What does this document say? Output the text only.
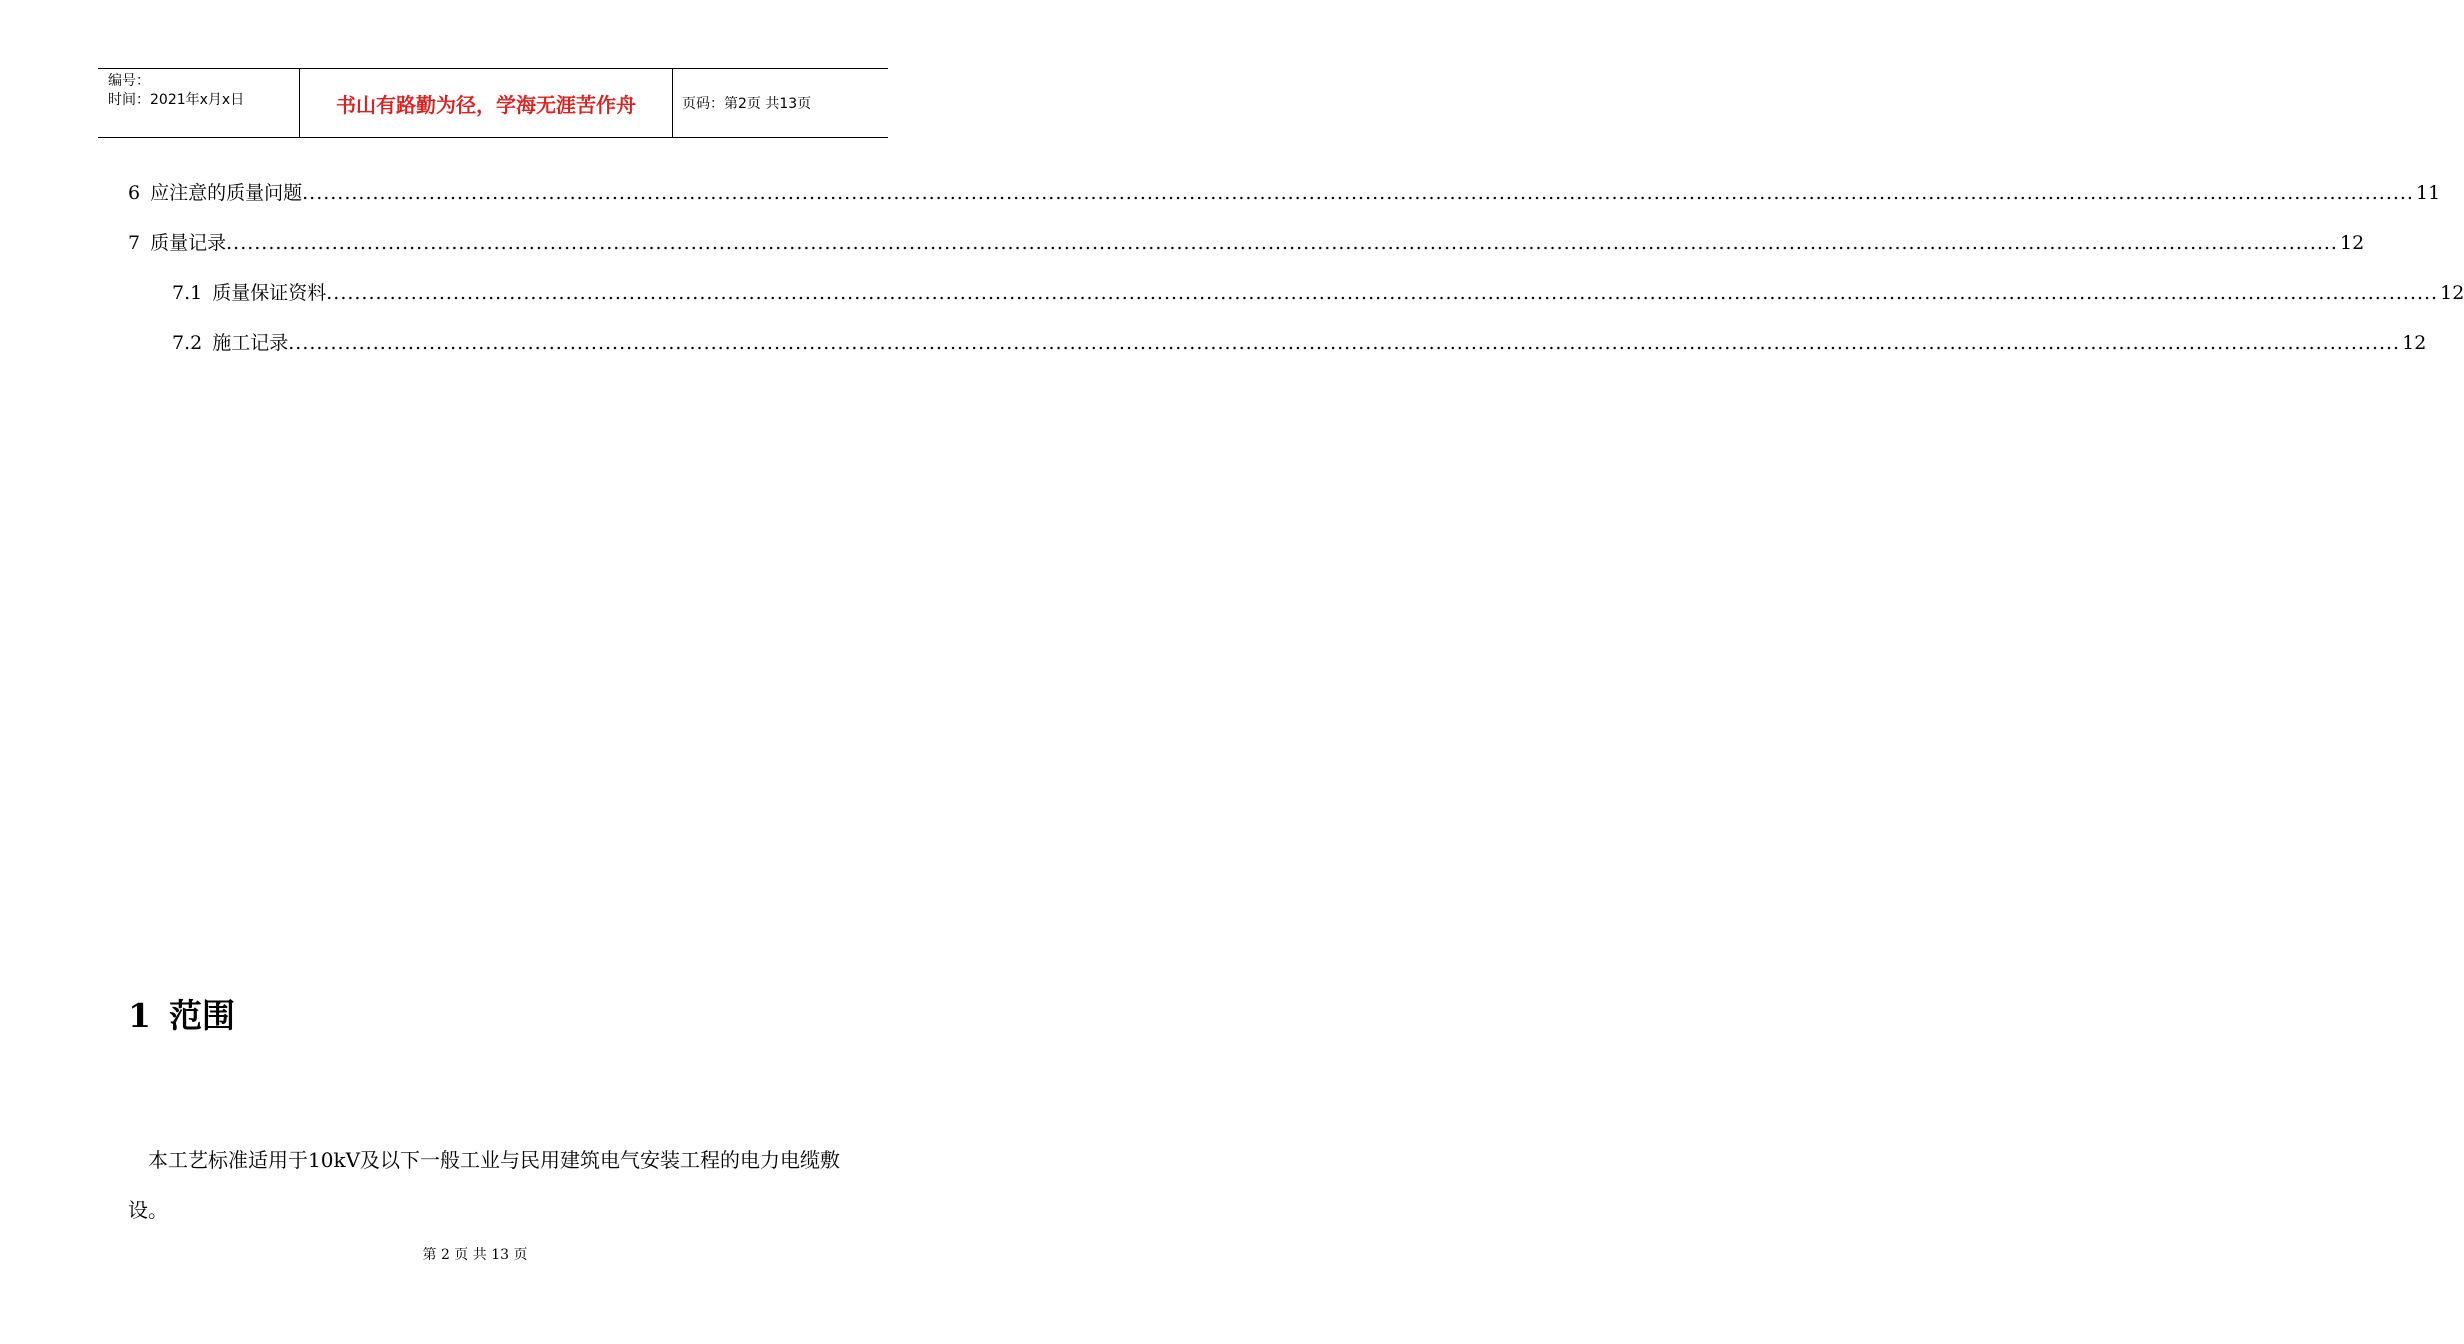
编号：
时间：2021年x月x日	书山有路勤为径，学海无涯苦作舟	页码：第2页 共13页
6 应注意的质量问题 ............................................................................................................................................................................................................................................................................................................ 11
7 质量记录 ............................................................................................................................................................................................................................................................................................................ 12
7.1 质量保证资料 ............................................................................................................................................................................................................................................................................................................ 12
7.2 施工记录 ............................................................................................................................................................................................................................................................................................................ 12
1 范围

本工艺标准适用于10kV及以下一般工业与民用建筑电气安装工程的电力电缆敷设。

第 2 页 共 13 页
